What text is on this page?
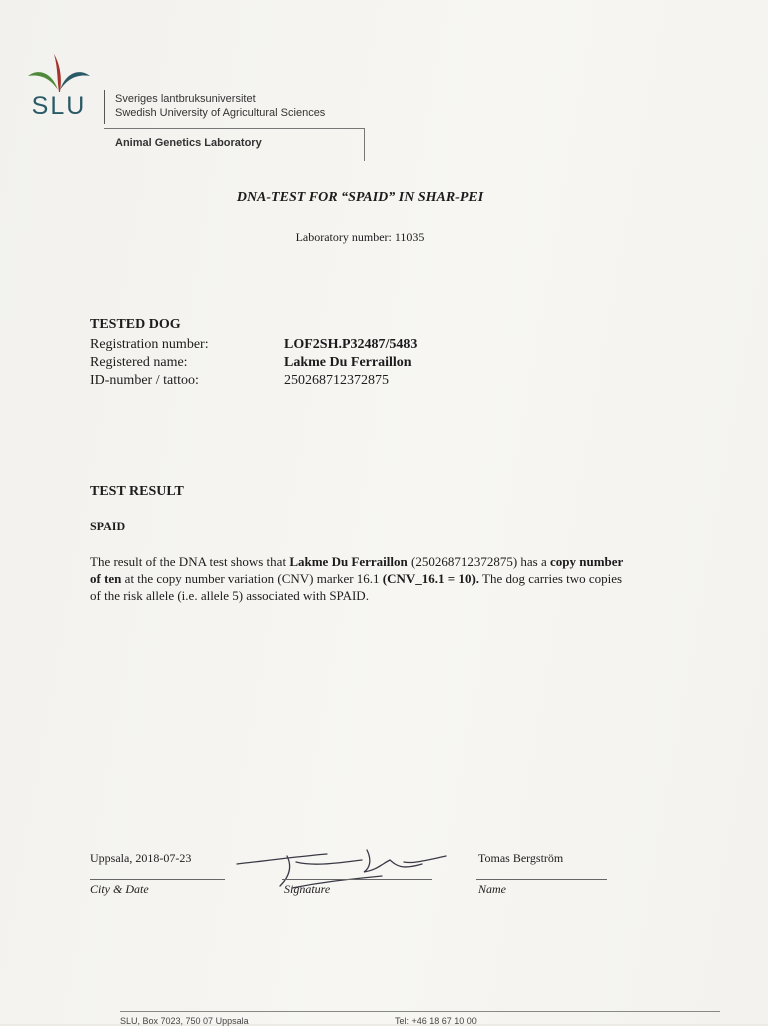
SLU	Sveriges lantbruksuniversitet
Swedish University of Agricultural Sciences
Animal Genetics Laboratory
DNA-TEST FOR “SPAID” IN SHAR-PEI
Laboratory number: 11035
TESTED DOG
Registration number:	LOF2SH.P32487/5483
Registered name:	Lakme Du Ferraillon
ID-number / tattoo:	250268712372875
TEST RESULT
SPAID
The result of the DNA test shows that Lakme Du Ferraillon (250268712372875) has a copy number of ten at the copy number variation (CNV) marker 16.1 (CNV_16.1 = 10). The dog carries two copies of the risk allele (i.e. allele 5) associated with SPAID.
Uppsala, 2018-07-23	Tomas Bergström
City & Date	Signature	Name
SLU, Box 7023, 750 07 Uppsala	Tel: +46 18 67 10 00
